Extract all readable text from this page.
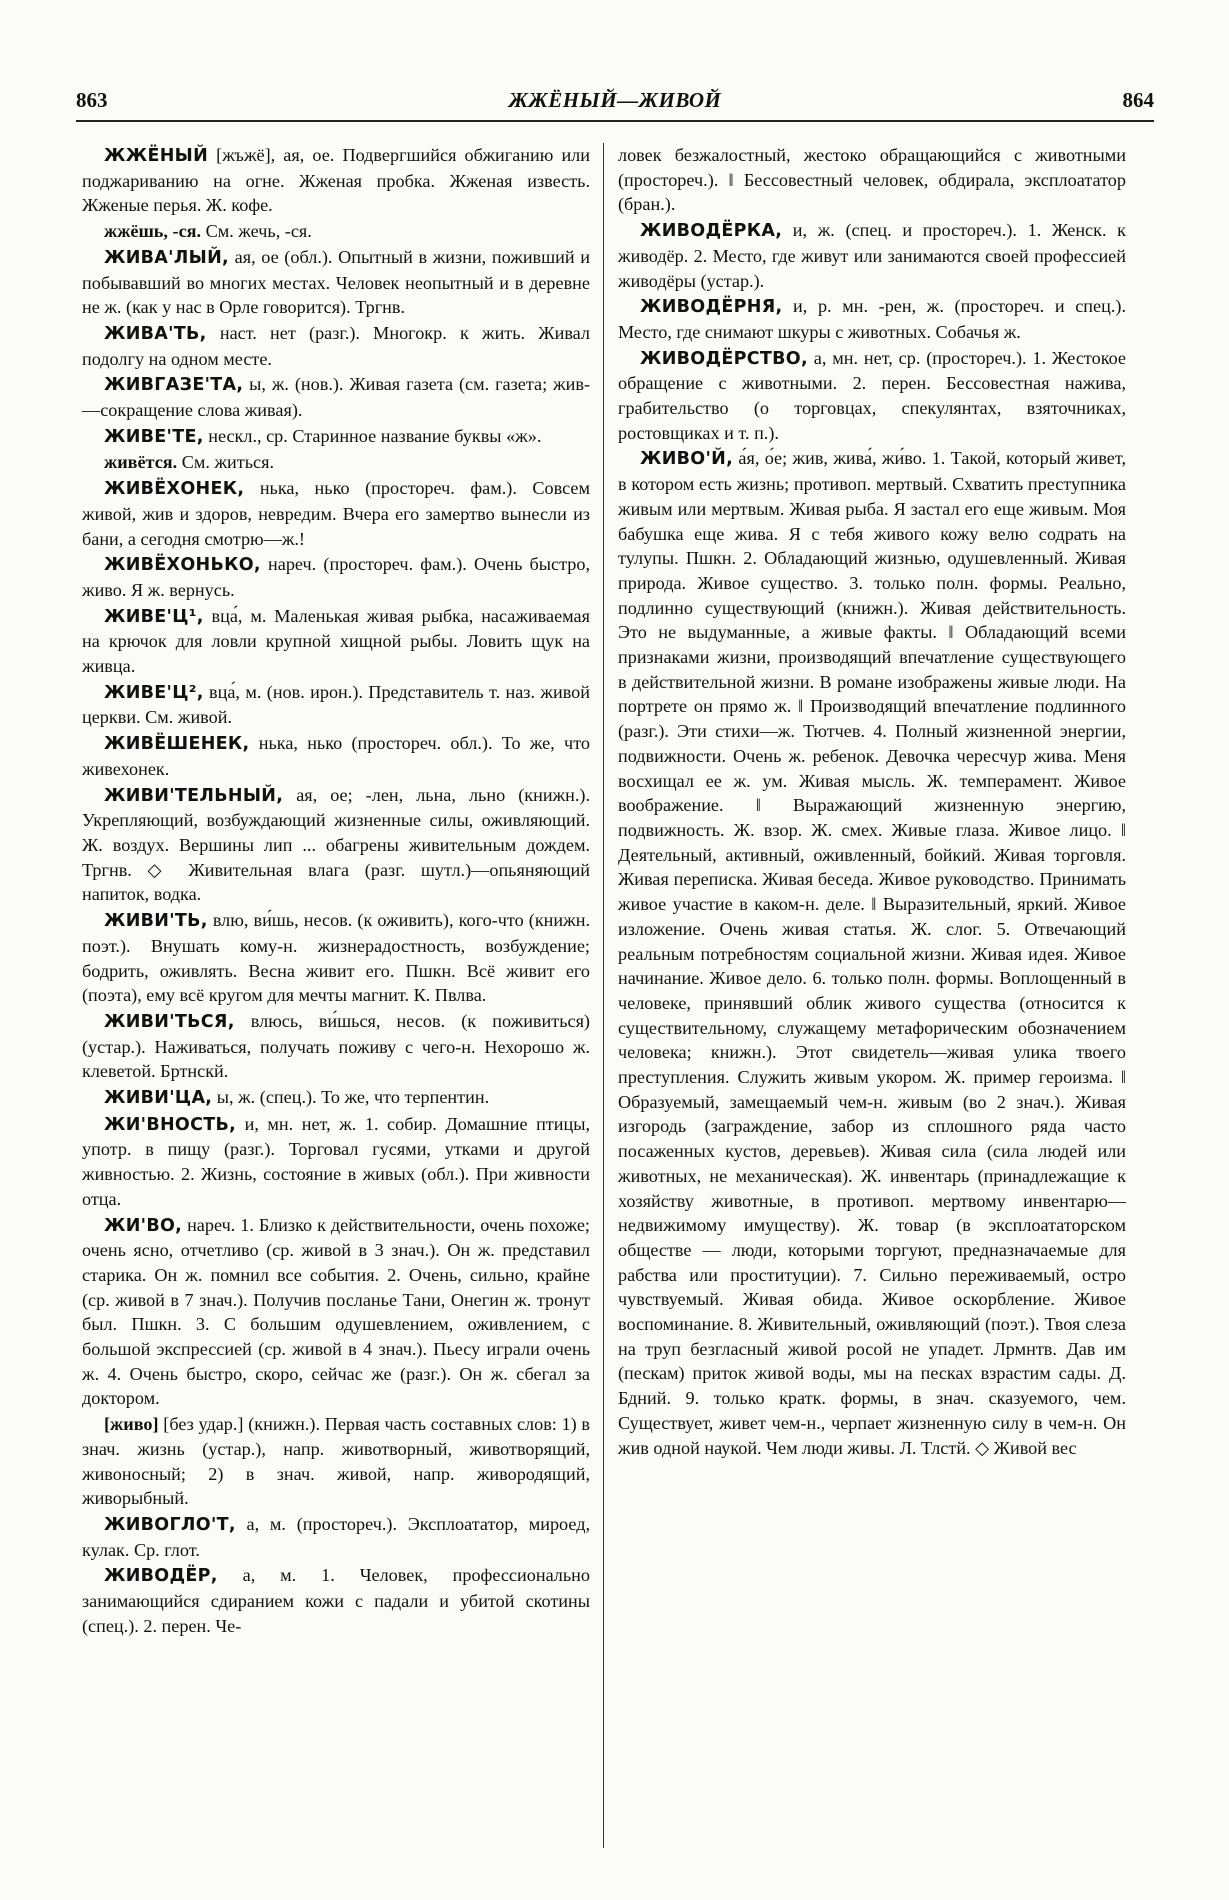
863	ЖЖЁНЫЙ—ЖИВОЙ	864

ЖЖЁНЫЙ [жъжё], ая, ое. Подвергшийся обжиганию или поджариванию на огне. Жженая пробка. Жженая известь. Жженые перья. Ж. кофе.

жжёшь, -ся. См. жечь, -ся.

ЖИВА'ЛЫЙ, ая, ое (обл.). Опытный в жизни, поживший и побывавший во многих местах. Человек неопытный и в деревне не ж. (как у нас в Орле говорится). Тргнв.

ЖИВА'ТЬ, наст. нет (разг.). Многокр. к жить. Живал подолгу на одном месте.

ЖИВГАЗЕ'ТА, ы, ж. (нов.). Живая газета (см. газета; жив-—сокращение слова живая).

ЖИВЕ'ТЕ, нескл., ср. Старинное название буквы «ж».

живётся. См. житься.

ЖИВЁХОНЕК, нька, нько (простореч. фам.). Совсем живой, жив и здоров, невредим. Вчера его замертво вынесли из бани, а сегодня смотрю—ж.!

ЖИВЁХОНЬКО, нареч. (простореч. фам.). Очень быстро, живо. Я ж. вернусь.

ЖИВЕ'Ц¹, вца́, м. Маленькая живая рыбка, насаживаемая на крючок для ловли крупной хищной рыбы. Ловить щук на живца.

ЖИВЕ'Ц², вца́, м. (нов. ирон.). Представитель т. наз. живой церкви. См. живой.

ЖИВЁШЕНЕК, нька, нько (простореч. обл.). То же, что живехонек.

ЖИВИ'ТЕЛЬНЫЙ, ая, ое; -лен, льна, льно (книжн.). Укрепляющий, возбуждающий жизненные силы, оживляющий. Ж. воздух. Вершины лип ... обагрены живительным дождем. Тргнв. ◇ Живительная влага (разг. шутл.)—опьяняющий напиток, водка.

ЖИВИ'ТЬ, влю, ви́шь, несов. (к оживить), кого-что (книжн. поэт.). Внушать кому-н. жизнерадостность, возбуждение; бодрить, оживлять. Весна живит его. Пшкн. Всё живит его (поэта), ему всё кругом для мечты магнит. К. Пвлва.

ЖИВИ'ТЬСЯ, влюсь, ви́шься, несов. (к поживиться) (устар.). Наживаться, получать поживу с чего-н. Нехорошо ж. клеветой. Бртнскй.

ЖИВИ'ЦА, ы, ж. (спец.). То же, что терпентин.

ЖИ'ВНОСТЬ, и, мн. нет, ж. 1. собир. Домашние птицы, употр. в пищу (разг.). Торговал гусями, утками и другой живностью. 2. Жизнь, состояние в живых (обл.). При живности отца.

ЖИ'ВО, нареч. 1. Близко к действительности, очень похоже; очень ясно, отчетливо (ср. живой в 3 знач.). Он ж. представил старика. Он ж. помнил все события. 2. Очень, сильно, крайне (ср. живой в 7 знач.). Получив посланье Тани, Онегин ж. тронут был. Пшкн. 3. С большим одушевлением, оживлением, с большой экспрессией (ср. живой в 4 знач.). Пьесу играли очень ж. 4. Очень быстро, скоро, сейчас же (разг.). Он ж. сбегал за доктором.

[живо] [без удар.] (книжн.). Первая часть составных слов: 1) в знач. жизнь (устар.), напр. животворный, животворящий, живоносный; 2) в знач. живой, напр. живородящий, живорыбный.

ЖИВОГЛО'Т, а, м. (простореч.). Эксплоататор, мироед, кулак. Ср. глот.

ЖИВОДЁР, а, м. 1. Человек, профессионально занимающийся сдиранием кожи с падали и убитой скотины (спец.). 2. перен. Че-

ловек безжалостный, жестоко обращающийся с животными (простореч.). ‖ Бессовестный человек, обдирала, эксплоататор (бран.).

ЖИВОДЁРКА, и, ж. (спец. и простореч.). 1. Женск. к живодёр. 2. Место, где живут или занимаются своей профессией живодёры (устар.).

ЖИВОДЁРНЯ, и, р. мн. -рен, ж. (простореч. и спец.). Место, где снимают шкуры с животных. Собачья ж.

ЖИВОДЁРСТВО, а, мн. нет, ср. (простореч.). 1. Жестокое обращение с животными. 2. перен. Бессовестная нажива, грабительство (о торговцах, спекулянтах, взяточниках, ростовщиках и т. п.).

ЖИВО'Й, а́я, о́е; жив, жива́, жи́во. 1. Такой, который живет, в котором есть жизнь; противоп. мертвый. Схватить преступника живым или мертвым. Живая рыба. Я застал его еще живым. Моя бабушка еще жива. Я с тебя живого кожу велю содрать на тулупы. Пшкн. 2. Обладающий жизнью, одушевленный. Живая природа. Живое существо. 3. только полн. формы. Реально, подлинно существующий (книжн.). Живая действительность. Это не выдуманные, а живые факты. ‖ Обладающий всеми признаками жизни, производящий впечатление существующего в действительной жизни. В романе изображены живые люди. На портрете он прямо ж. ‖ Производящий впечатление подлинного (разг.). Эти стихи—ж. Тютчев. 4. Полный жизненной энергии, подвижности. Очень ж. ребенок. Девочка чересчур жива. Меня восхищал ее ж. ум. Живая мысль. Ж. темперамент. Живое воображение. ‖ Выражающий жизненную энергию, подвижность. Ж. взор. Ж. смех. Живые глаза. Живое лицо. ‖ Деятельный, активный, оживленный, бойкий. Живая торговля. Живая переписка. Живая беседа. Живое руководство. Принимать живое участие в каком-н. деле. ‖ Выразительный, яркий. Живое изложение. Очень живая статья. Ж. слог. 5. Отвечающий реальным потребностям социальной жизни. Живая идея. Живое начинание. Живое дело. 6. только полн. формы. Воплощенный в человеке, принявший облик живого существа (относится к существительному, служащему метафорическим обозначением человека; книжн.). Этот свидетель—живая улика твоего преступления. Служить живым укором. Ж. пример героизма. ‖ Образуемый, замещаемый чем-н. живым (во 2 знач.). Живая изгородь (заграждение, забор из сплошного ряда часто посаженных кустов, деревьев). Живая сила (сила людей или животных, не механическая). Ж. инвентарь (принадлежащие к хозяйству животные, в противоп. мертвому инвентарю—недвижимому имуществу). Ж. товар (в эксплоататорском обществе — люди, которыми торгуют, предназначаемые для рабства или проституции). 7. Сильно переживаемый, остро чувствуемый. Живая обида. Живое оскорбление. Живое воспоминание. 8. Живительный, оживляющий (поэт.). Твоя слеза на труп безгласный живой росой не упадет. Лрмнтв. Дав им (пескам) приток живой воды, мы на песках взрастим сады. Д. Бдний. 9. только кратк. формы, в знач. сказуемого, чем. Существует, живет чем-н., черпает жизненную силу в чем-н. Он жив одной наукой. Чем люди живы. Л. Тлстй. ◇ Живой вес
